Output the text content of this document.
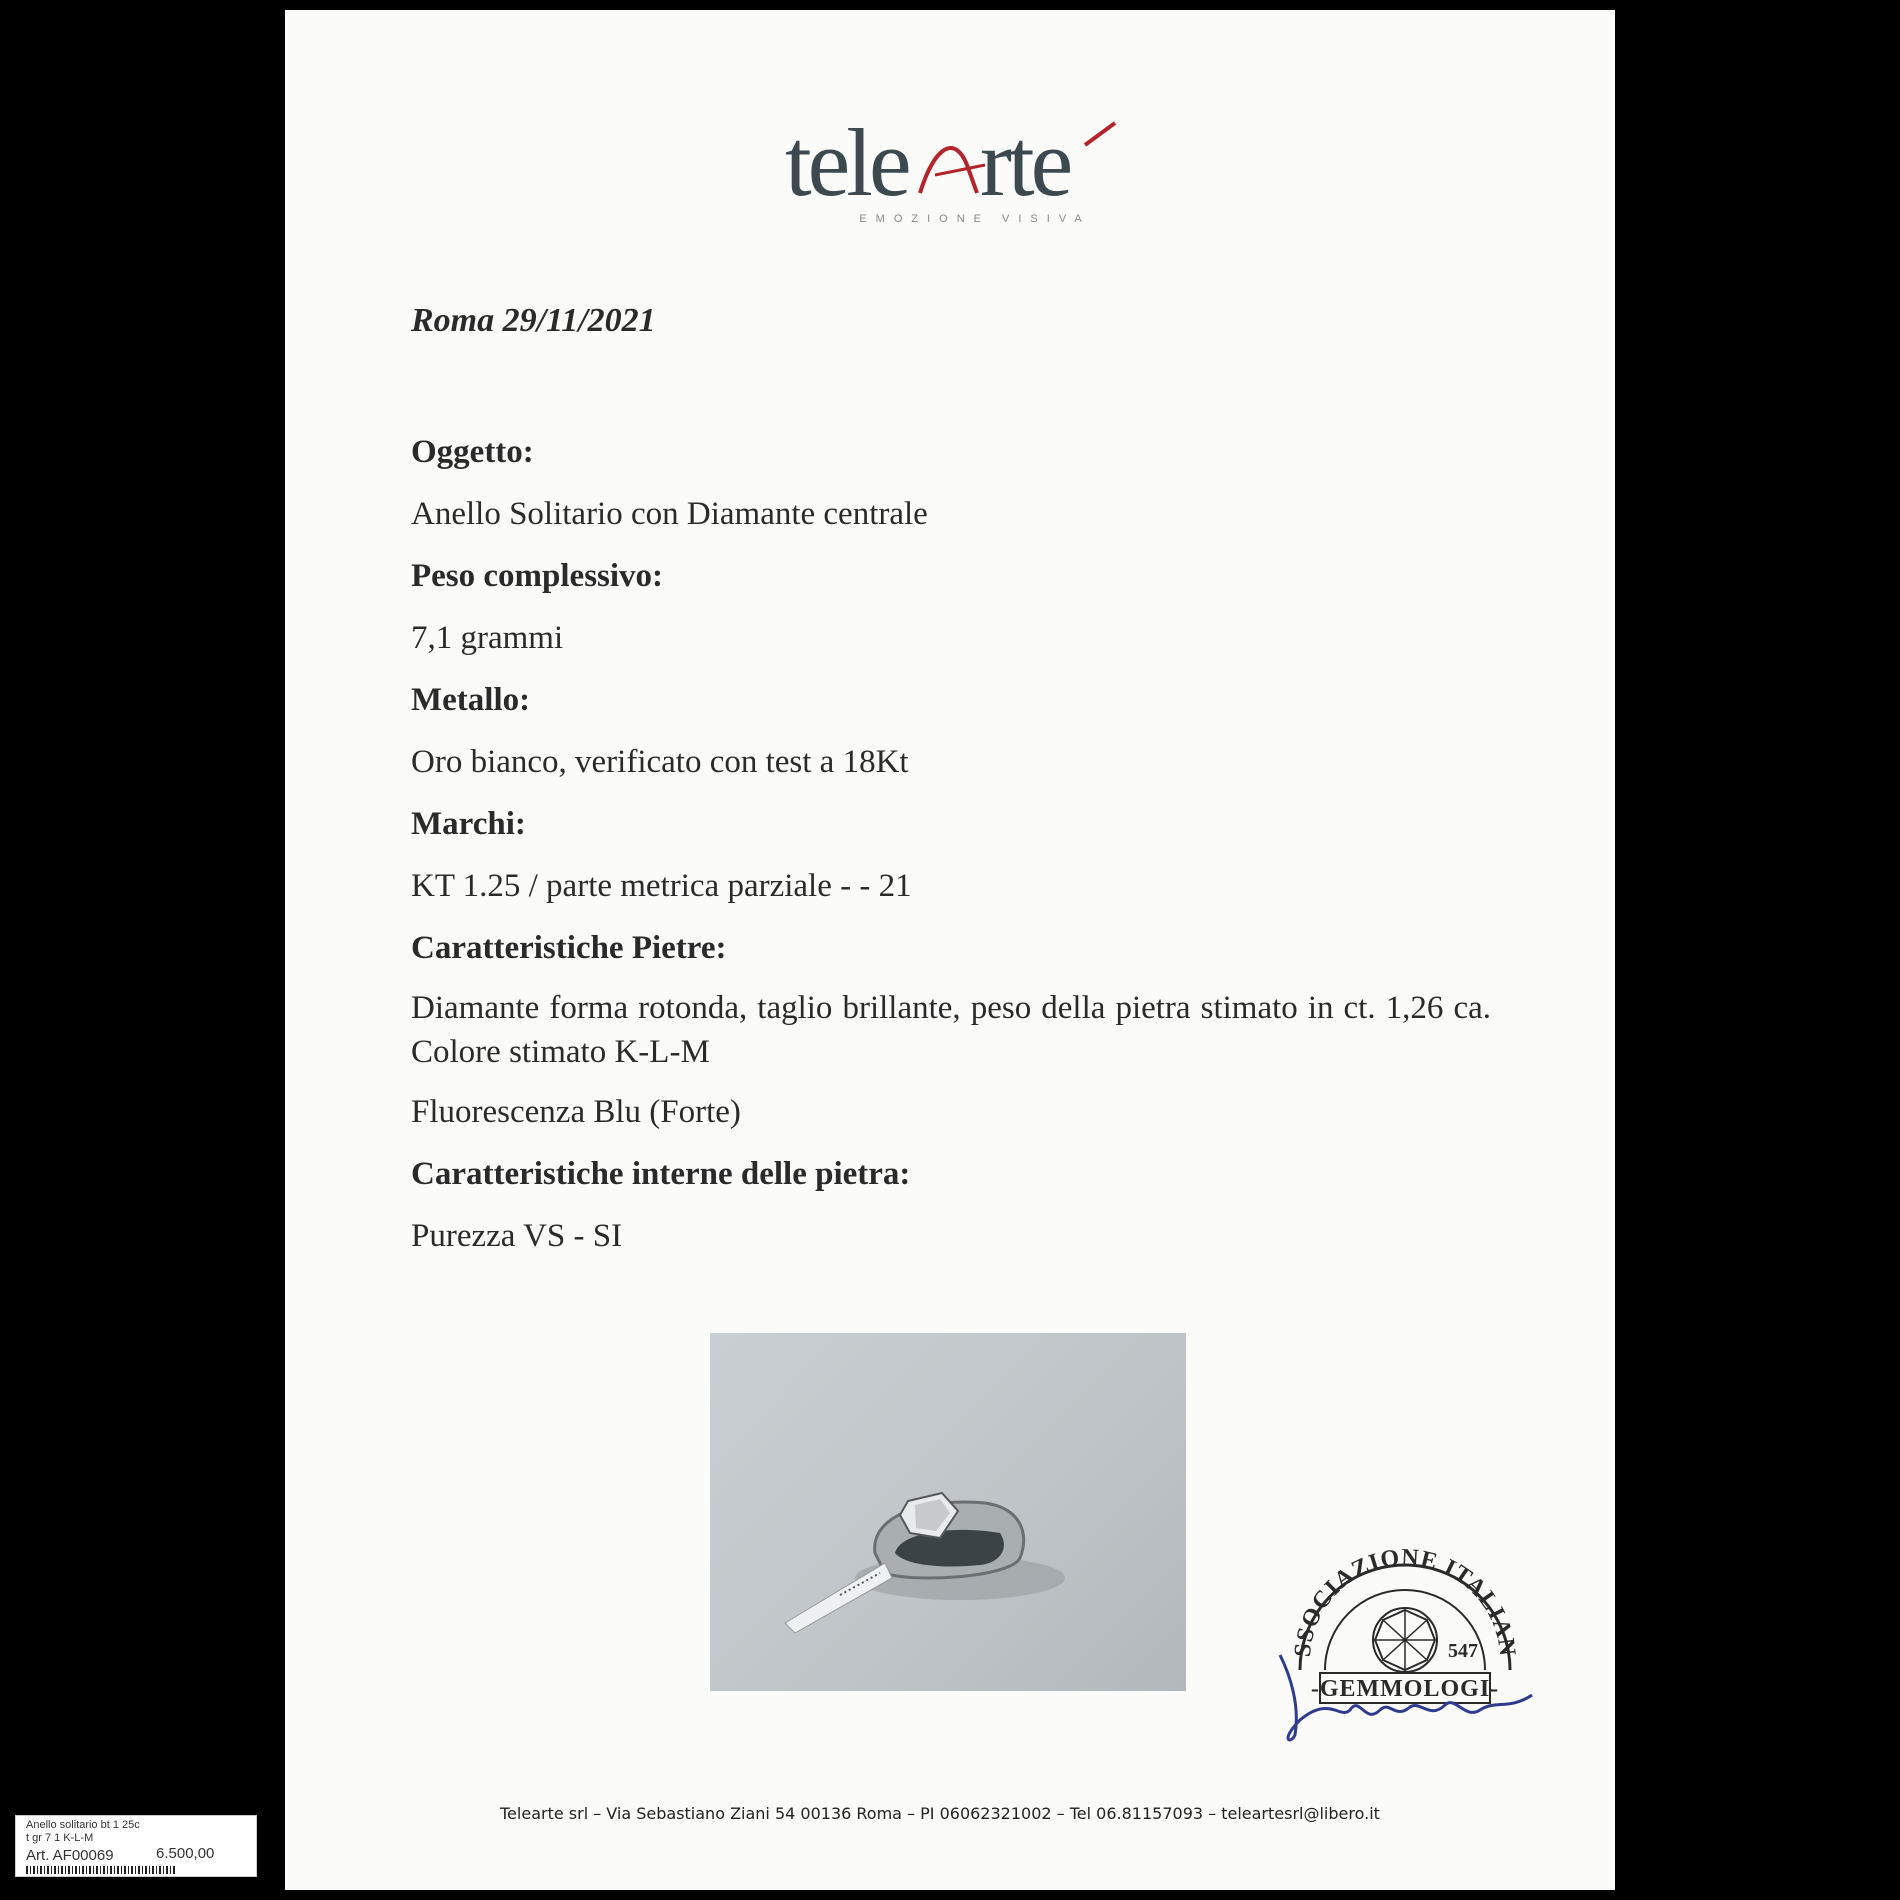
tele rte
EMOZIONE VISIVA
Roma 29/11/2021

Oggetto:

Anello Solitario con Diamante centrale

Peso complessivo:

7,1 grammi

Metallo:

Oro bianco, verificato con test a 18Kt

Marchi:

KT 1.25 / parte metrica parziale - - 21

Caratteristiche Pietre:

Diamante forma rotonda, taglio brillante, peso della pietra stimato in ct. 1,26 ca. Colore stimato K-L-M

Fluorescenza Blu (Forte)

Caratteristiche interne delle pietra:

Purezza VS - SI

SSOCIAZIONE ITALIAN
547
-GEMMOLOGI-
Telearte srl – Via Sebastiano Ziani 54 00136 Roma – PI 06062321002 – Tel 06.81157093 – teleartesrl@libero.it
Anello solitario bt 1 25c
t gr 7 1 K-L-M
Art. AF00069	6.500,00
